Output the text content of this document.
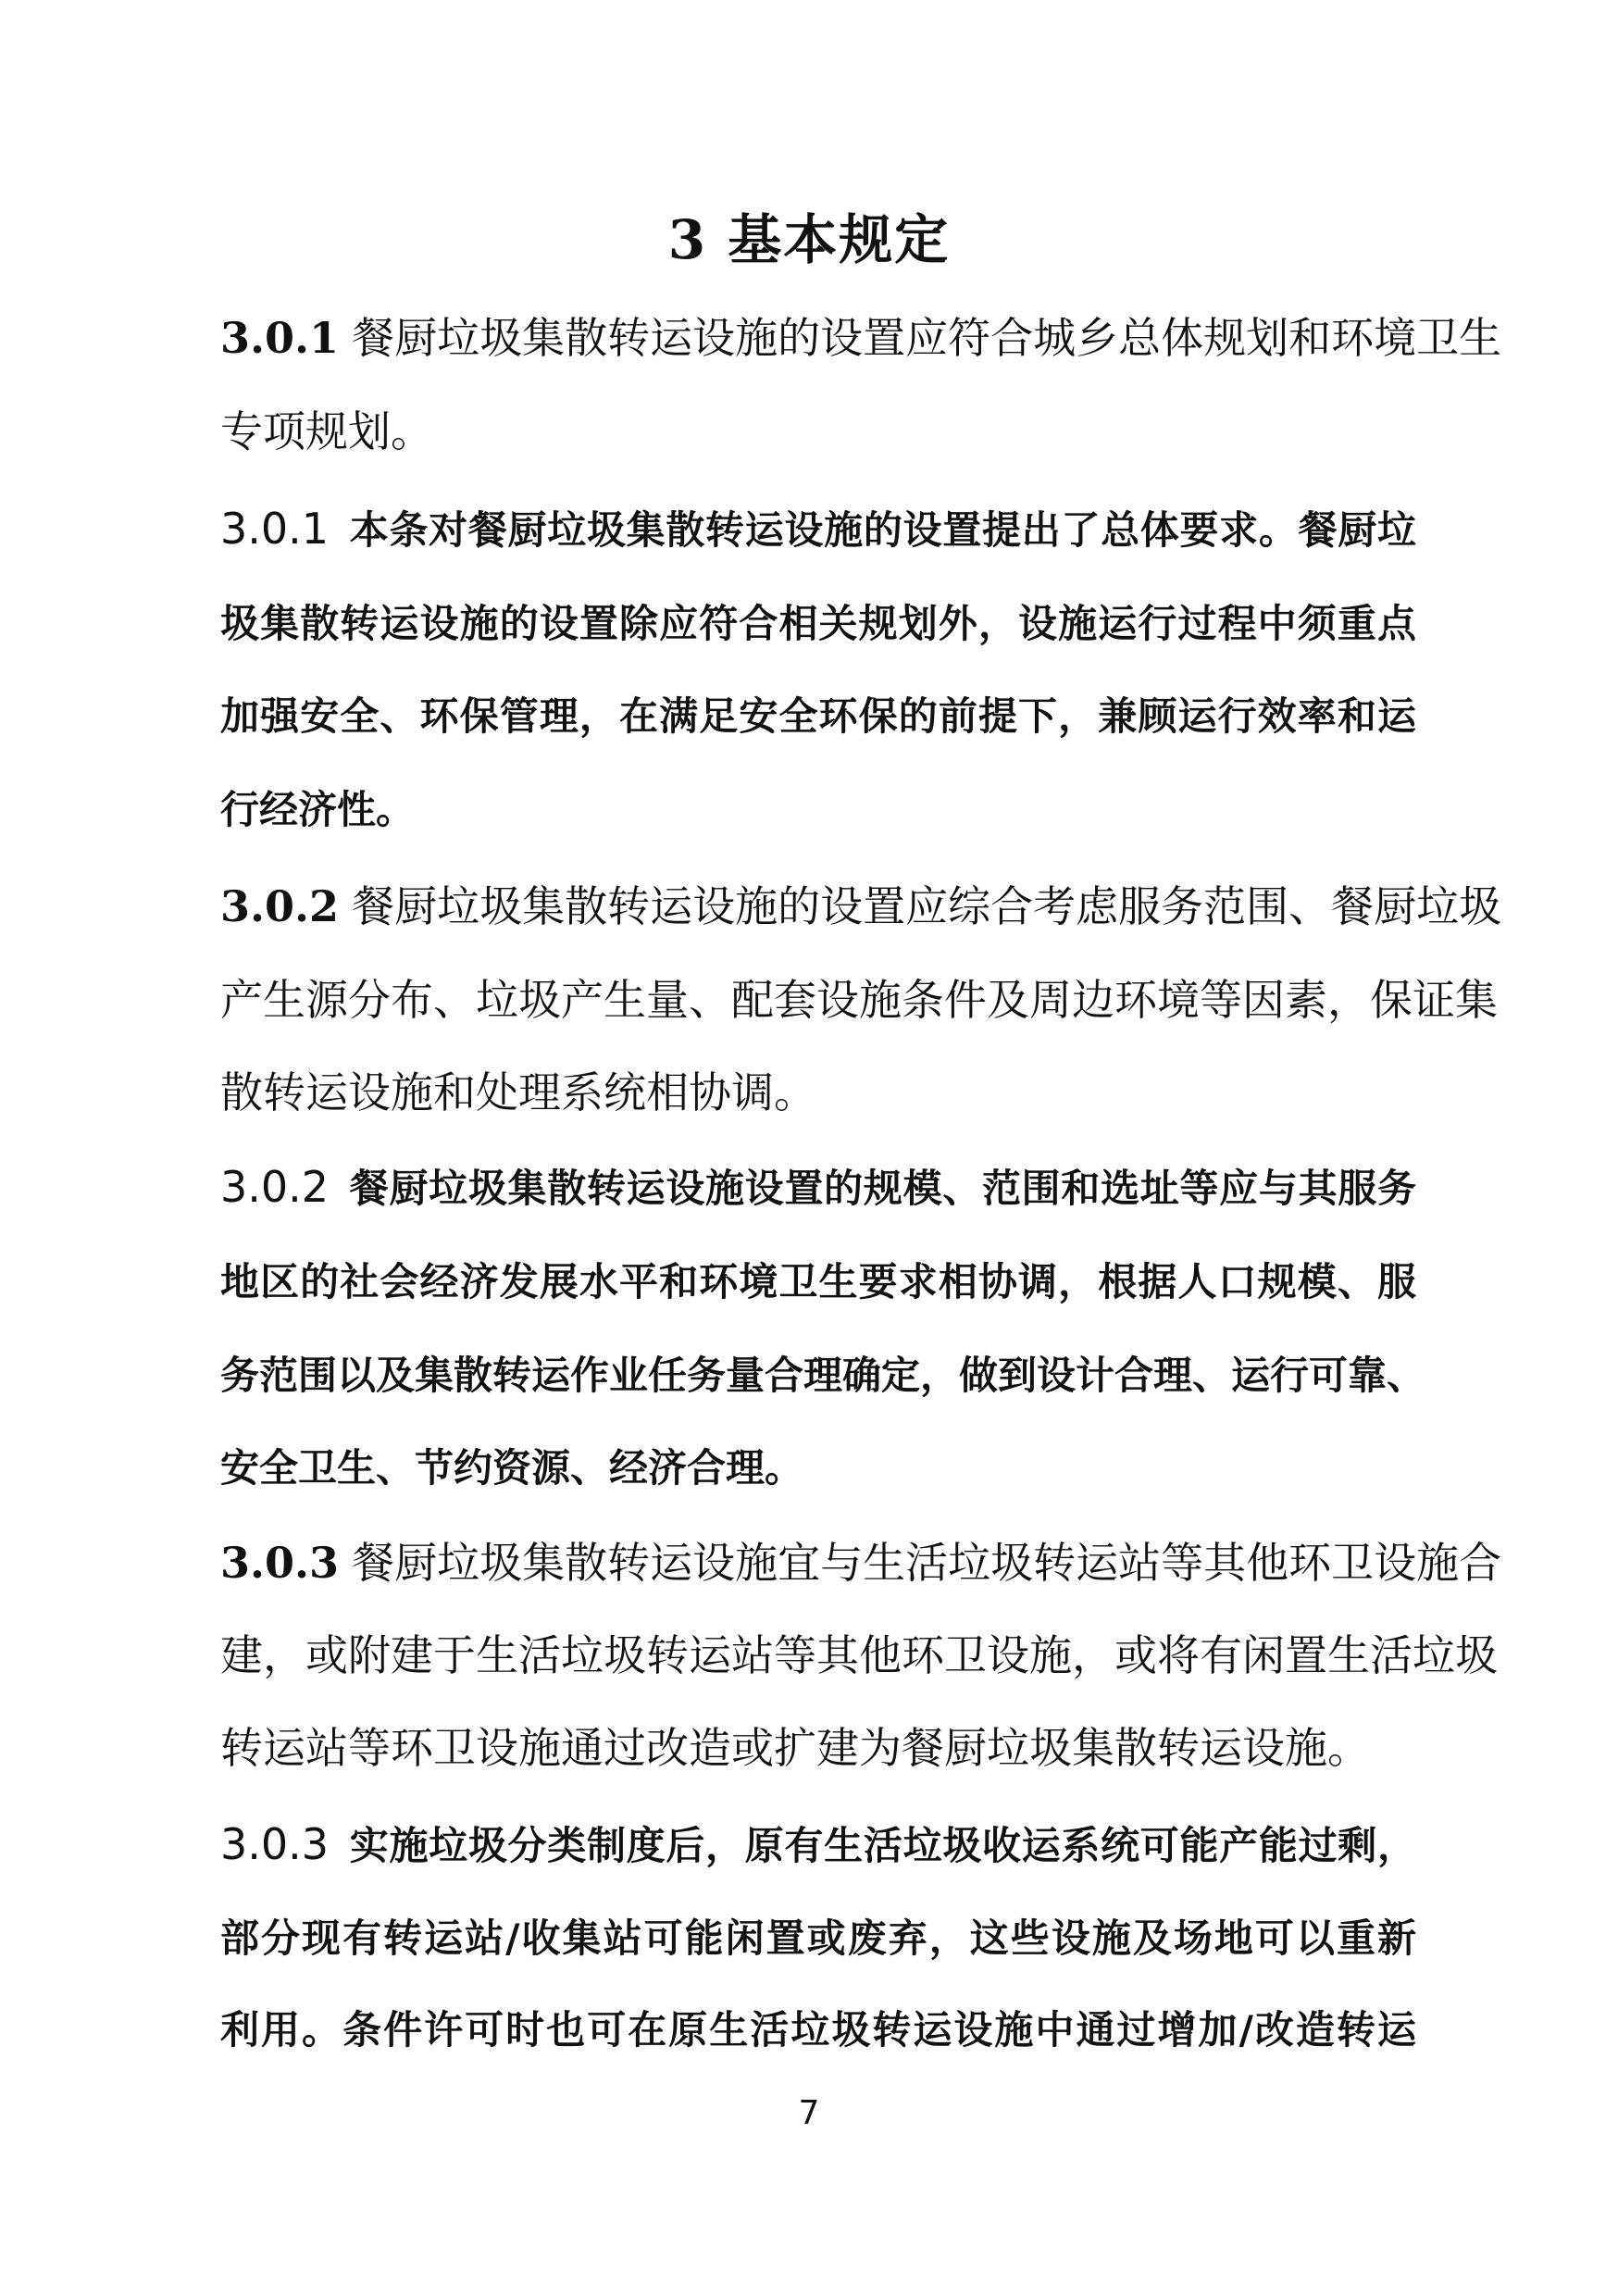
3 基本规定
3.0.1 餐厨垃圾集散转运设施的设置应符合城乡总体规划和环境卫生
专项规划。
3.0.1 本条对餐厨垃圾集散转运设施的设置提出了总体要求。餐厨垃
圾集散转运设施的设置除应符合相关规划外，设施运行过程中须重点
加强安全、环保管理，在满足安全环保的前提下，兼顾运行效率和运
行经济性。
3.0.2 餐厨垃圾集散转运设施的设置应综合考虑服务范围、餐厨垃圾
产生源分布、垃圾产生量、配套设施条件及周边环境等因素，保证集
散转运设施和处理系统相协调。
3.0.2 餐厨垃圾集散转运设施设置的规模、范围和选址等应与其服务
地区的社会经济发展水平和环境卫生要求相协调，根据人口规模、服
务范围以及集散转运作业任务量合理确定，做到设计合理、运行可靠、
安全卫生、节约资源、经济合理。
3.0.3 餐厨垃圾集散转运设施宜与生活垃圾转运站等其他环卫设施合
建，或附建于生活垃圾转运站等其他环卫设施，或将有闲置生活垃圾
转运站等环卫设施通过改造或扩建为餐厨垃圾集散转运设施。
3.0.3 实施垃圾分类制度后，原有生活垃圾收运系统可能产能过剩，
部分现有转运站/收集站可能闲置或废弃，这些设施及场地可以重新
利用。条件许可时也可在原生活垃圾转运设施中通过增加/改造转运
7
